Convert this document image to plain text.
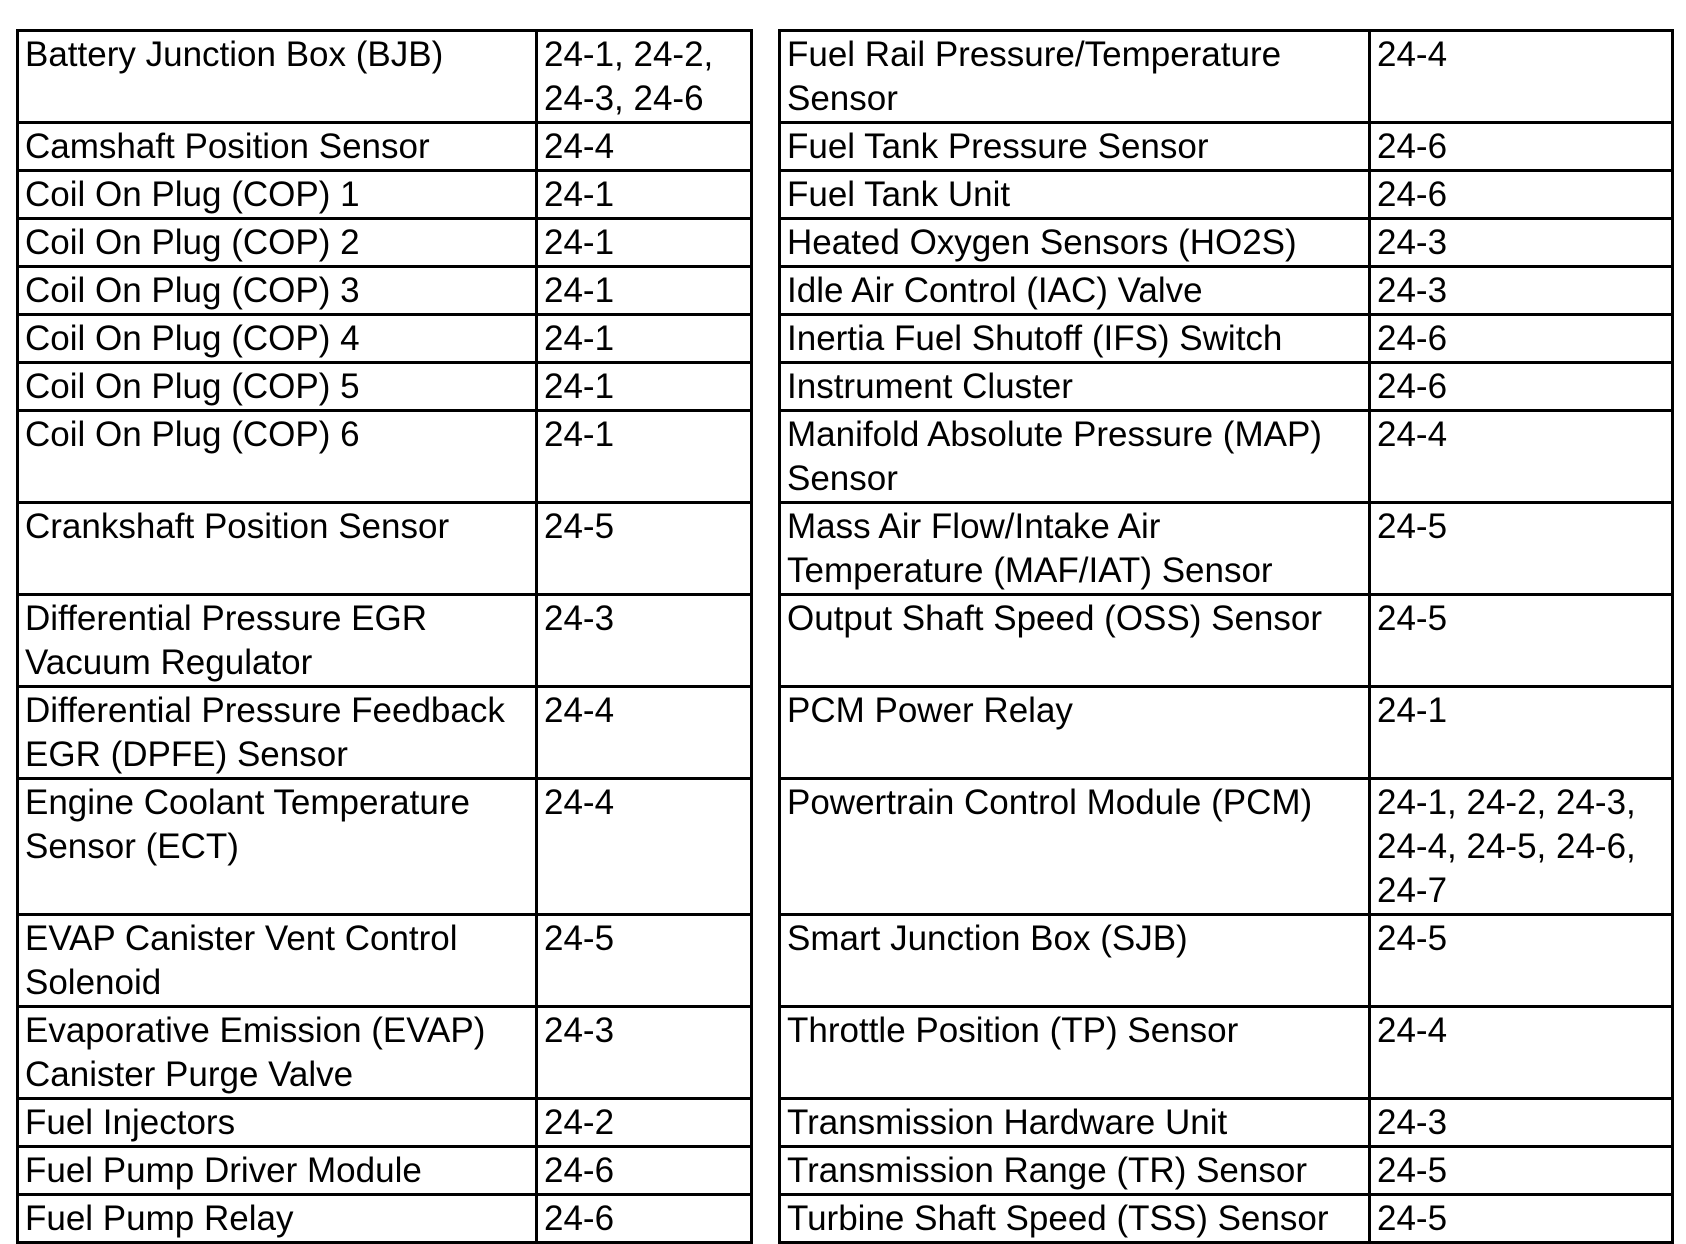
Battery Junction Box (BJB)	24-1, 24-2, 24-3, 24-6		Fuel Rail Pressure/Temperature Sensor	24-4
Camshaft Position Sensor	24-4		Fuel Tank Pressure Sensor	24-6
Coil On Plug (COP) 1	24-1		Fuel Tank Unit	24-6
Coil On Plug (COP) 2	24-1		Heated Oxygen Sensors (HO2S)	24-3
Coil On Plug (COP) 3	24-1		Idle Air Control (IAC) Valve	24-3
Coil On Plug (COP) 4	24-1		Inertia Fuel Shutoff (IFS) Switch	24-6
Coil On Plug (COP) 5	24-1		Instrument Cluster	24-6
Coil On Plug (COP) 6	24-1		Manifold Absolute Pressure (MAP) Sensor	24-4
Crankshaft Position Sensor	24-5		Mass Air Flow/Intake Air Temperature (MAF/IAT) Sensor	24-5
Differential Pressure EGR Vacuum Regulator	24-3		Output Shaft Speed (OSS) Sensor	24-5
Differential Pressure Feedback EGR (DPFE) Sensor	24-4		PCM Power Relay	24-1
Engine Coolant Temperature Sensor (ECT)	24-4		Powertrain Control Module (PCM)	24-1, 24-2, 24-3, 24-4, 24-5, 24-6, 24-7
EVAP Canister Vent Control Solenoid	24-5		Smart Junction Box (SJB)	24-5
Evaporative Emission (EVAP) Canister Purge Valve	24-3		Throttle Position (TP) Sensor	24-4
Fuel Injectors	24-2		Transmission Hardware Unit	24-3
Fuel Pump Driver Module	24-6		Transmission Range (TR) Sensor	24-5
Fuel Pump Relay	24-6		Turbine Shaft Speed (TSS) Sensor	24-5
